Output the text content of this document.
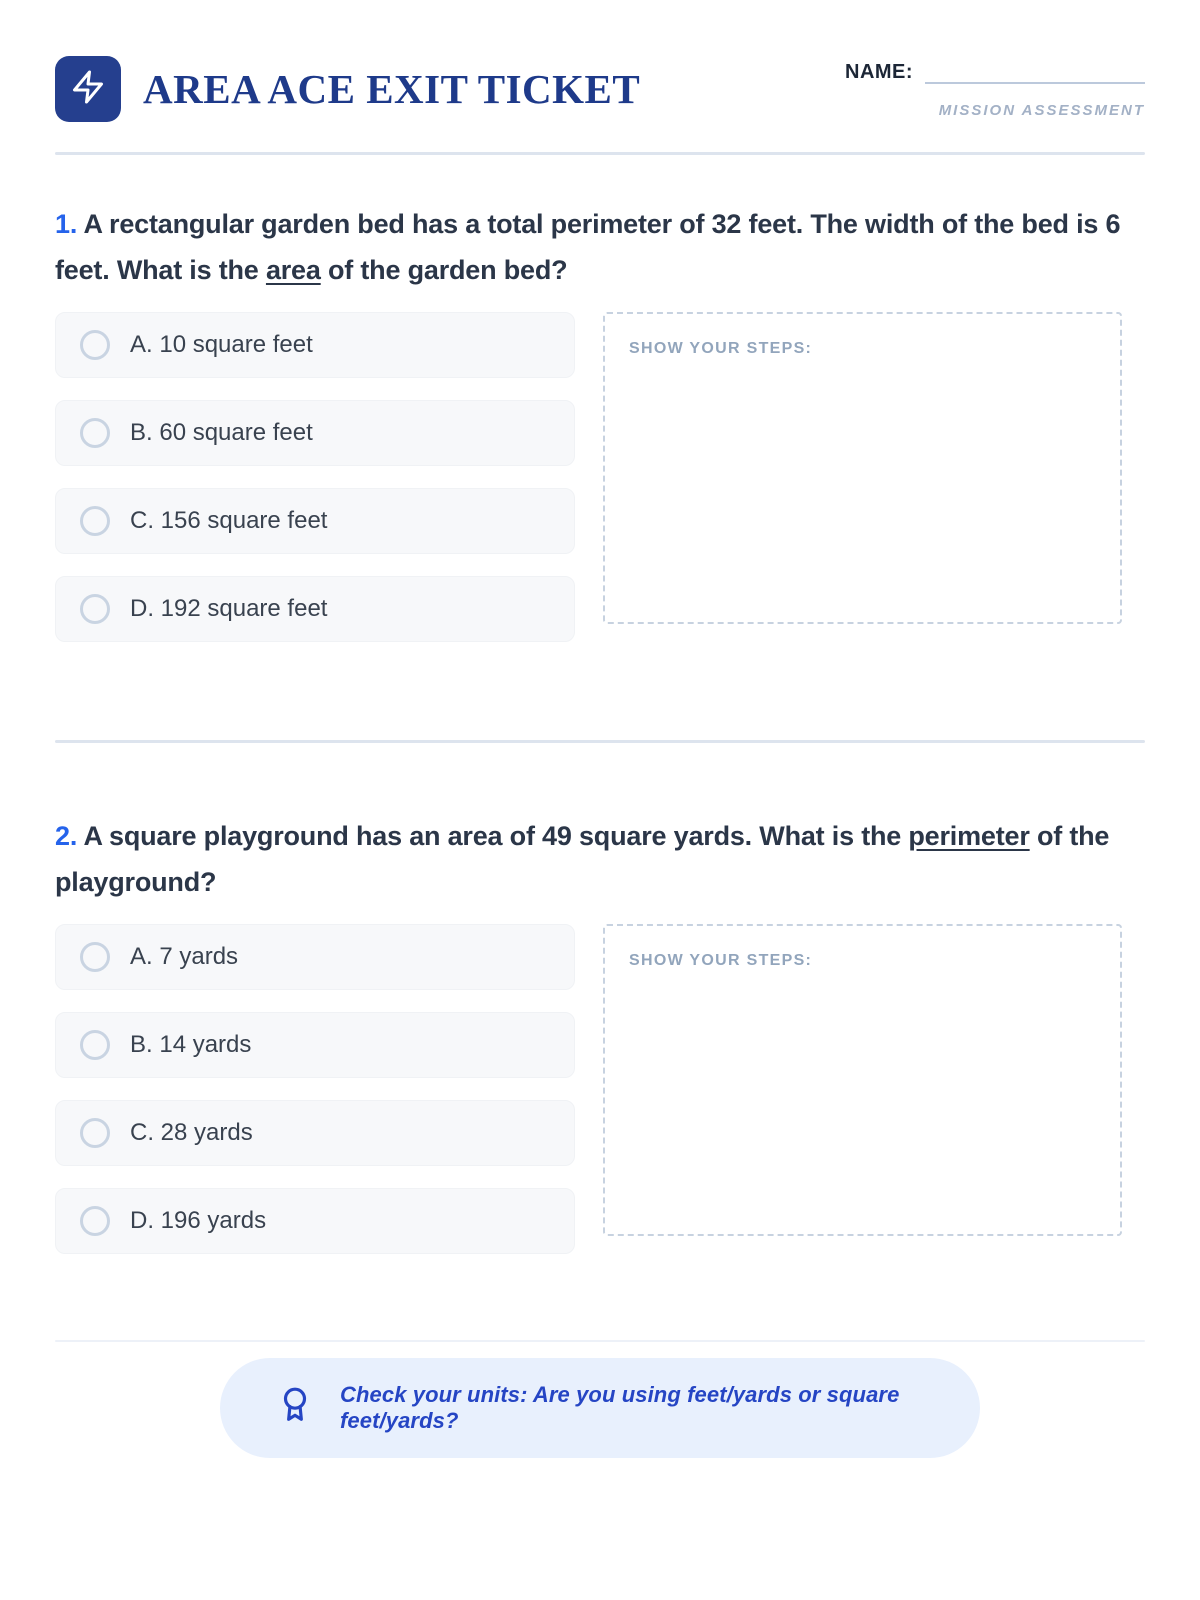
AREA ACE EXIT TICKET	NAME:
MISSION ASSESSMENT
1. A rectangular garden bed has a total perimeter of 32 feet. The width of the bed is 6 feet. What is the area of the garden bed?
A. 10 square feet
B. 60 square feet
C. 156 square feet
D. 192 square feet
SHOW YOUR STEPS:
2. A square playground has an area of 49 square yards. What is the perimeter of the playground?
A. 7 yards
B. 14 yards
C. 28 yards
D. 196 yards
SHOW YOUR STEPS:
Check your units: Are you using feet/yards or square feet/yards?
